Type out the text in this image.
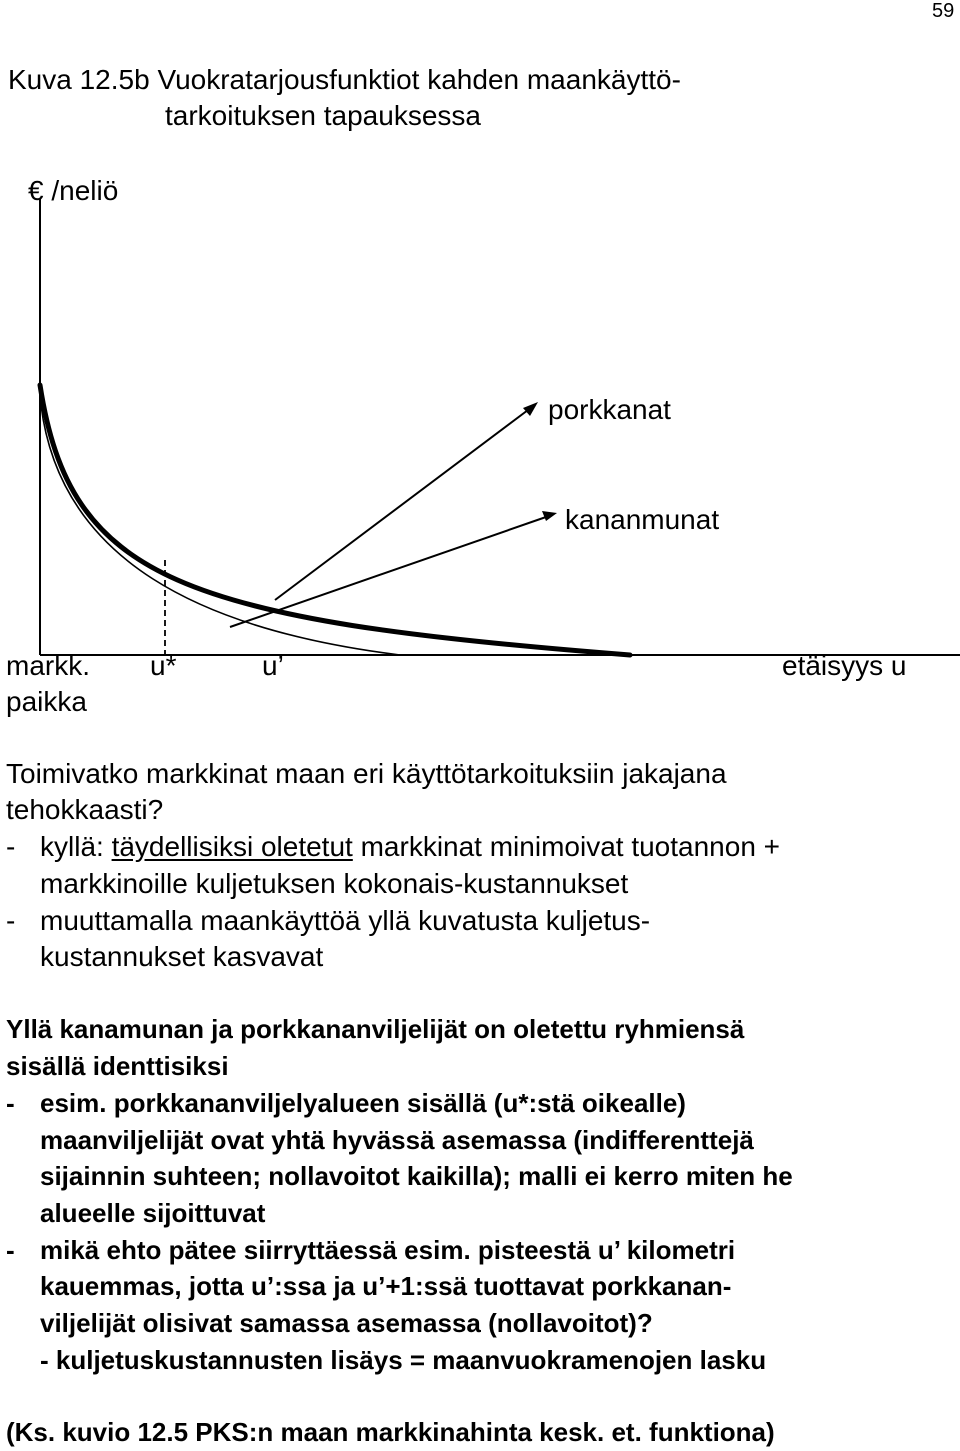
59
Kuva 12.5b Vuokratarjousfunktiot kahden maankäyttö-
tarkoituksen tapauksessa
€ /neliö
porkkanat
kananmunat
markk. u*	u’	etäisyys u
paikka
Toimivatko markkinat maan eri käyttötarkoituksiin jakajana
tehokkaasti?
- kyllä: täydellisiksi oletetut markkinat minimoivat tuotannon +
markkinoille kuljetuksen kokonais-kustannukset
- muuttamalla maankäyttöä yllä kuvatusta kuljetus-
kustannukset kasvavat
Yllä kanamunan ja porkkananviljelijät on oletettu ryhmiensä
sisällä identtisiksi
- esim. porkkananviljelyalueen sisällä (u*:stä oikealle)
maanviljelijät ovat yhtä hyvässä asemassa (indifferenttejä
sijainnin suhteen; nollavoitot kaikilla); malli ei kerro miten he
alueelle sijoittuvat
- mikä ehto pätee siirryttäessä esim. pisteestä u’ kilometri
kauemmas, jotta u’:ssa ja u’+1:ssä tuottavat porkkanan-
viljelijät olisivat samassa asemassa (nollavoitot)?
- kuljetuskustannusten lisäys = maanvuokramenojen lasku
(Ks. kuvio 12.5 PKS:n maan markkinahinta kesk. et. funktiona)
